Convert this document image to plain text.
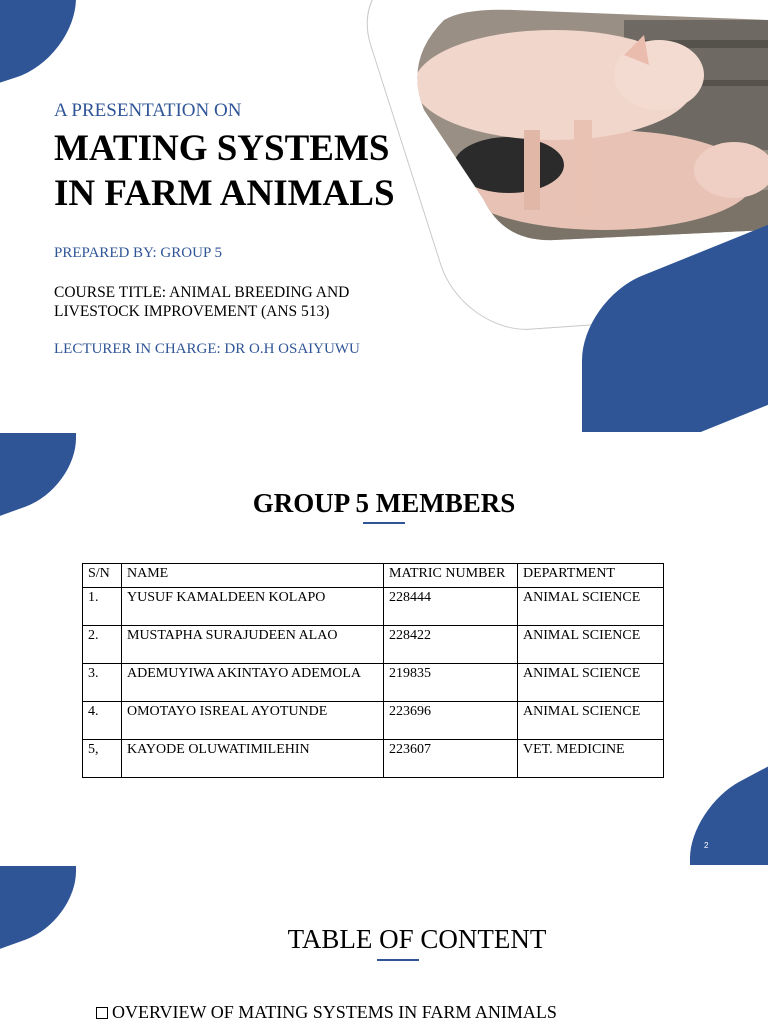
A PRESENTATION ON
MATING SYSTEMS
IN FARM ANIMALS
PREPARED BY: GROUP 5
COURSE TITLE: ANIMAL BREEDING AND
LIVESTOCK IMPROVEMENT (ANS 513)
LECTURER IN CHARGE: DR O.H OSAIYUWU
GROUP 5 MEMBERS
S/N	NAME	MATRIC NUMBER	DEPARTMENT
1.	YUSUF KAMALDEEN KOLAPO	228444	ANIMAL SCIENCE
2.	MUSTAPHA SURAJUDEEN ALAO	228422	ANIMAL SCIENCE
3.	ADEMUYIWA AKINTAYO ADEMOLA	219835	ANIMAL SCIENCE
4.	OMOTAYO ISREAL AYOTUNDE	223696	ANIMAL SCIENCE
5,	KAYODE OLUWATIMILEHIN	223607	VET. MEDICINE
2
TABLE OF CONTENT
OVERVIEW OF MATING SYSTEMS IN FARM ANIMALS
